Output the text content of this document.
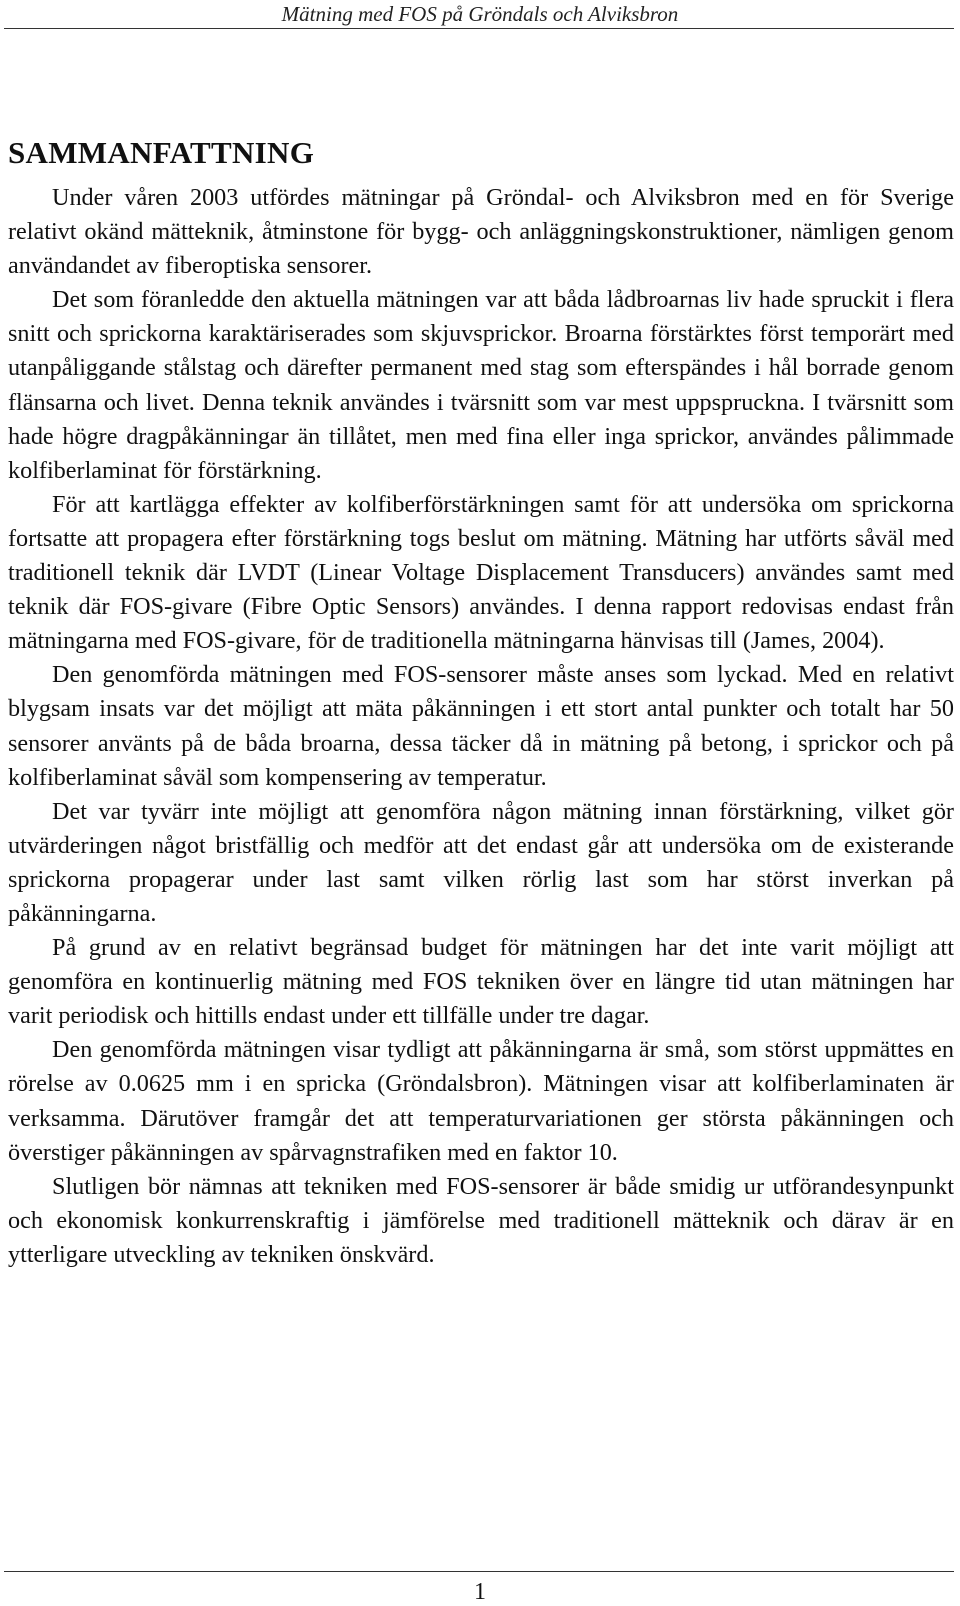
Mätning med FOS på Gröndals och Alviksbron
SAMMANFATTNING

Under våren 2003 utfördes mätningar på Gröndal- och Alviksbron med en för Sverige relativt okänd mätteknik, åtminstone för bygg- och anläggningskonstruktioner, nämligen genom användandet av fiberoptiska sensorer.

Det som föranledde den aktuella mätningen var att båda lådbroarnas liv hade spruckit i flera snitt och sprickorna karaktäriserades som skjuvsprickor. Broarna förstärktes först temporärt med utanpåliggande stålstag och därefter permanent med stag som efterspändes i hål borrade genom flänsarna och livet. Denna teknik användes i tvärsnitt som var mest uppspruckna. I tvärsnitt som hade högre dragpåkänningar än tillåtet, men med fina eller inga sprickor, användes pålimmade kolfiberlaminat för förstärkning.

För att kartlägga effekter av kolfiberförstärkningen samt för att undersöka om sprickorna fortsatte att propagera efter förstärkning togs beslut om mätning. Mätning har utförts såväl med traditionell teknik där LVDT (Linear Voltage Displacement Transducers) användes samt med teknik där FOS-givare (Fibre Optic Sensors) användes. I denna rapport redovisas endast från mätningarna med FOS-givare, för de traditionella mätningarna hänvisas till (James, 2004).

Den genomförda mätningen med FOS-sensorer måste anses som lyckad. Med en relativt blygsam insats var det möjligt att mäta påkänningen i ett stort antal punkter och totalt har 50 sensorer använts på de båda broarna, dessa täcker då in mätning på betong, i sprickor och på kolfiberlaminat såväl som kompensering av temperatur.

Det var tyvärr inte möjligt att genomföra någon mätning innan förstärkning, vilket gör utvärderingen något bristfällig och medför att det endast går att undersöka om de existerande sprickorna propagerar under last samt vilken rörlig last som har störst inverkan på påkänningarna.

På grund av en relativt begränsad budget för mätningen har det inte varit möjligt att genomföra en kontinuerlig mätning med FOS tekniken över en längre tid utan mätningen har varit periodisk och hittills endast under ett tillfälle under tre dagar.

Den genomförda mätningen visar tydligt att påkänningarna är små, som störst uppmättes en rörelse av 0.0625 mm i en spricka (Gröndalsbron). Mätningen visar att kolfiberlaminaten är verksamma. Därutöver framgår det att temperaturvariationen ger största påkänningen och överstiger påkänningen av spårvagnstrafiken med en faktor 10.

Slutligen bör nämnas att tekniken med FOS-sensorer är både smidig ur utförandesynpunkt och ekonomisk konkurrenskraftig i jämförelse med traditionell mätteknik och därav är en ytterligare utveckling av tekniken önskvärd.

1
